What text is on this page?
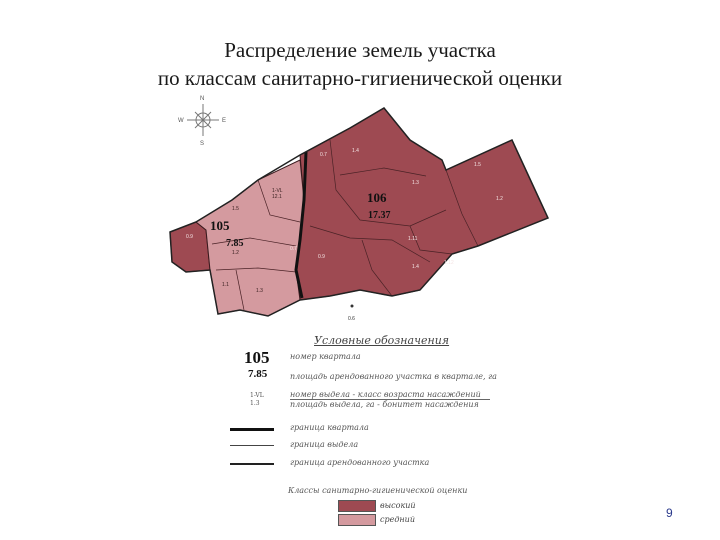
Распределение земель участка
по классам санитарно-гигиенической оценки
N
S
W	E
0.6
105
7.85
106
17.37
1-VL
12.1
1.5
1.2
1.1
1.3
0.9
0.7
1.4
1.11
1.12
1.5
1.2
1.3
1.4
0.9
0.7
Условные обозначения
105
7.85
1-VL
1.3
номер квартала
площадь арендованного участка в квартале, га
номер выдела - класс возраста насаждений
площадь выдела, га - бонитет насаждения
граница квартала
граница выдела
граница арендованного участка
Классы санитарно-гигиенической оценки
высокий
средний	9
